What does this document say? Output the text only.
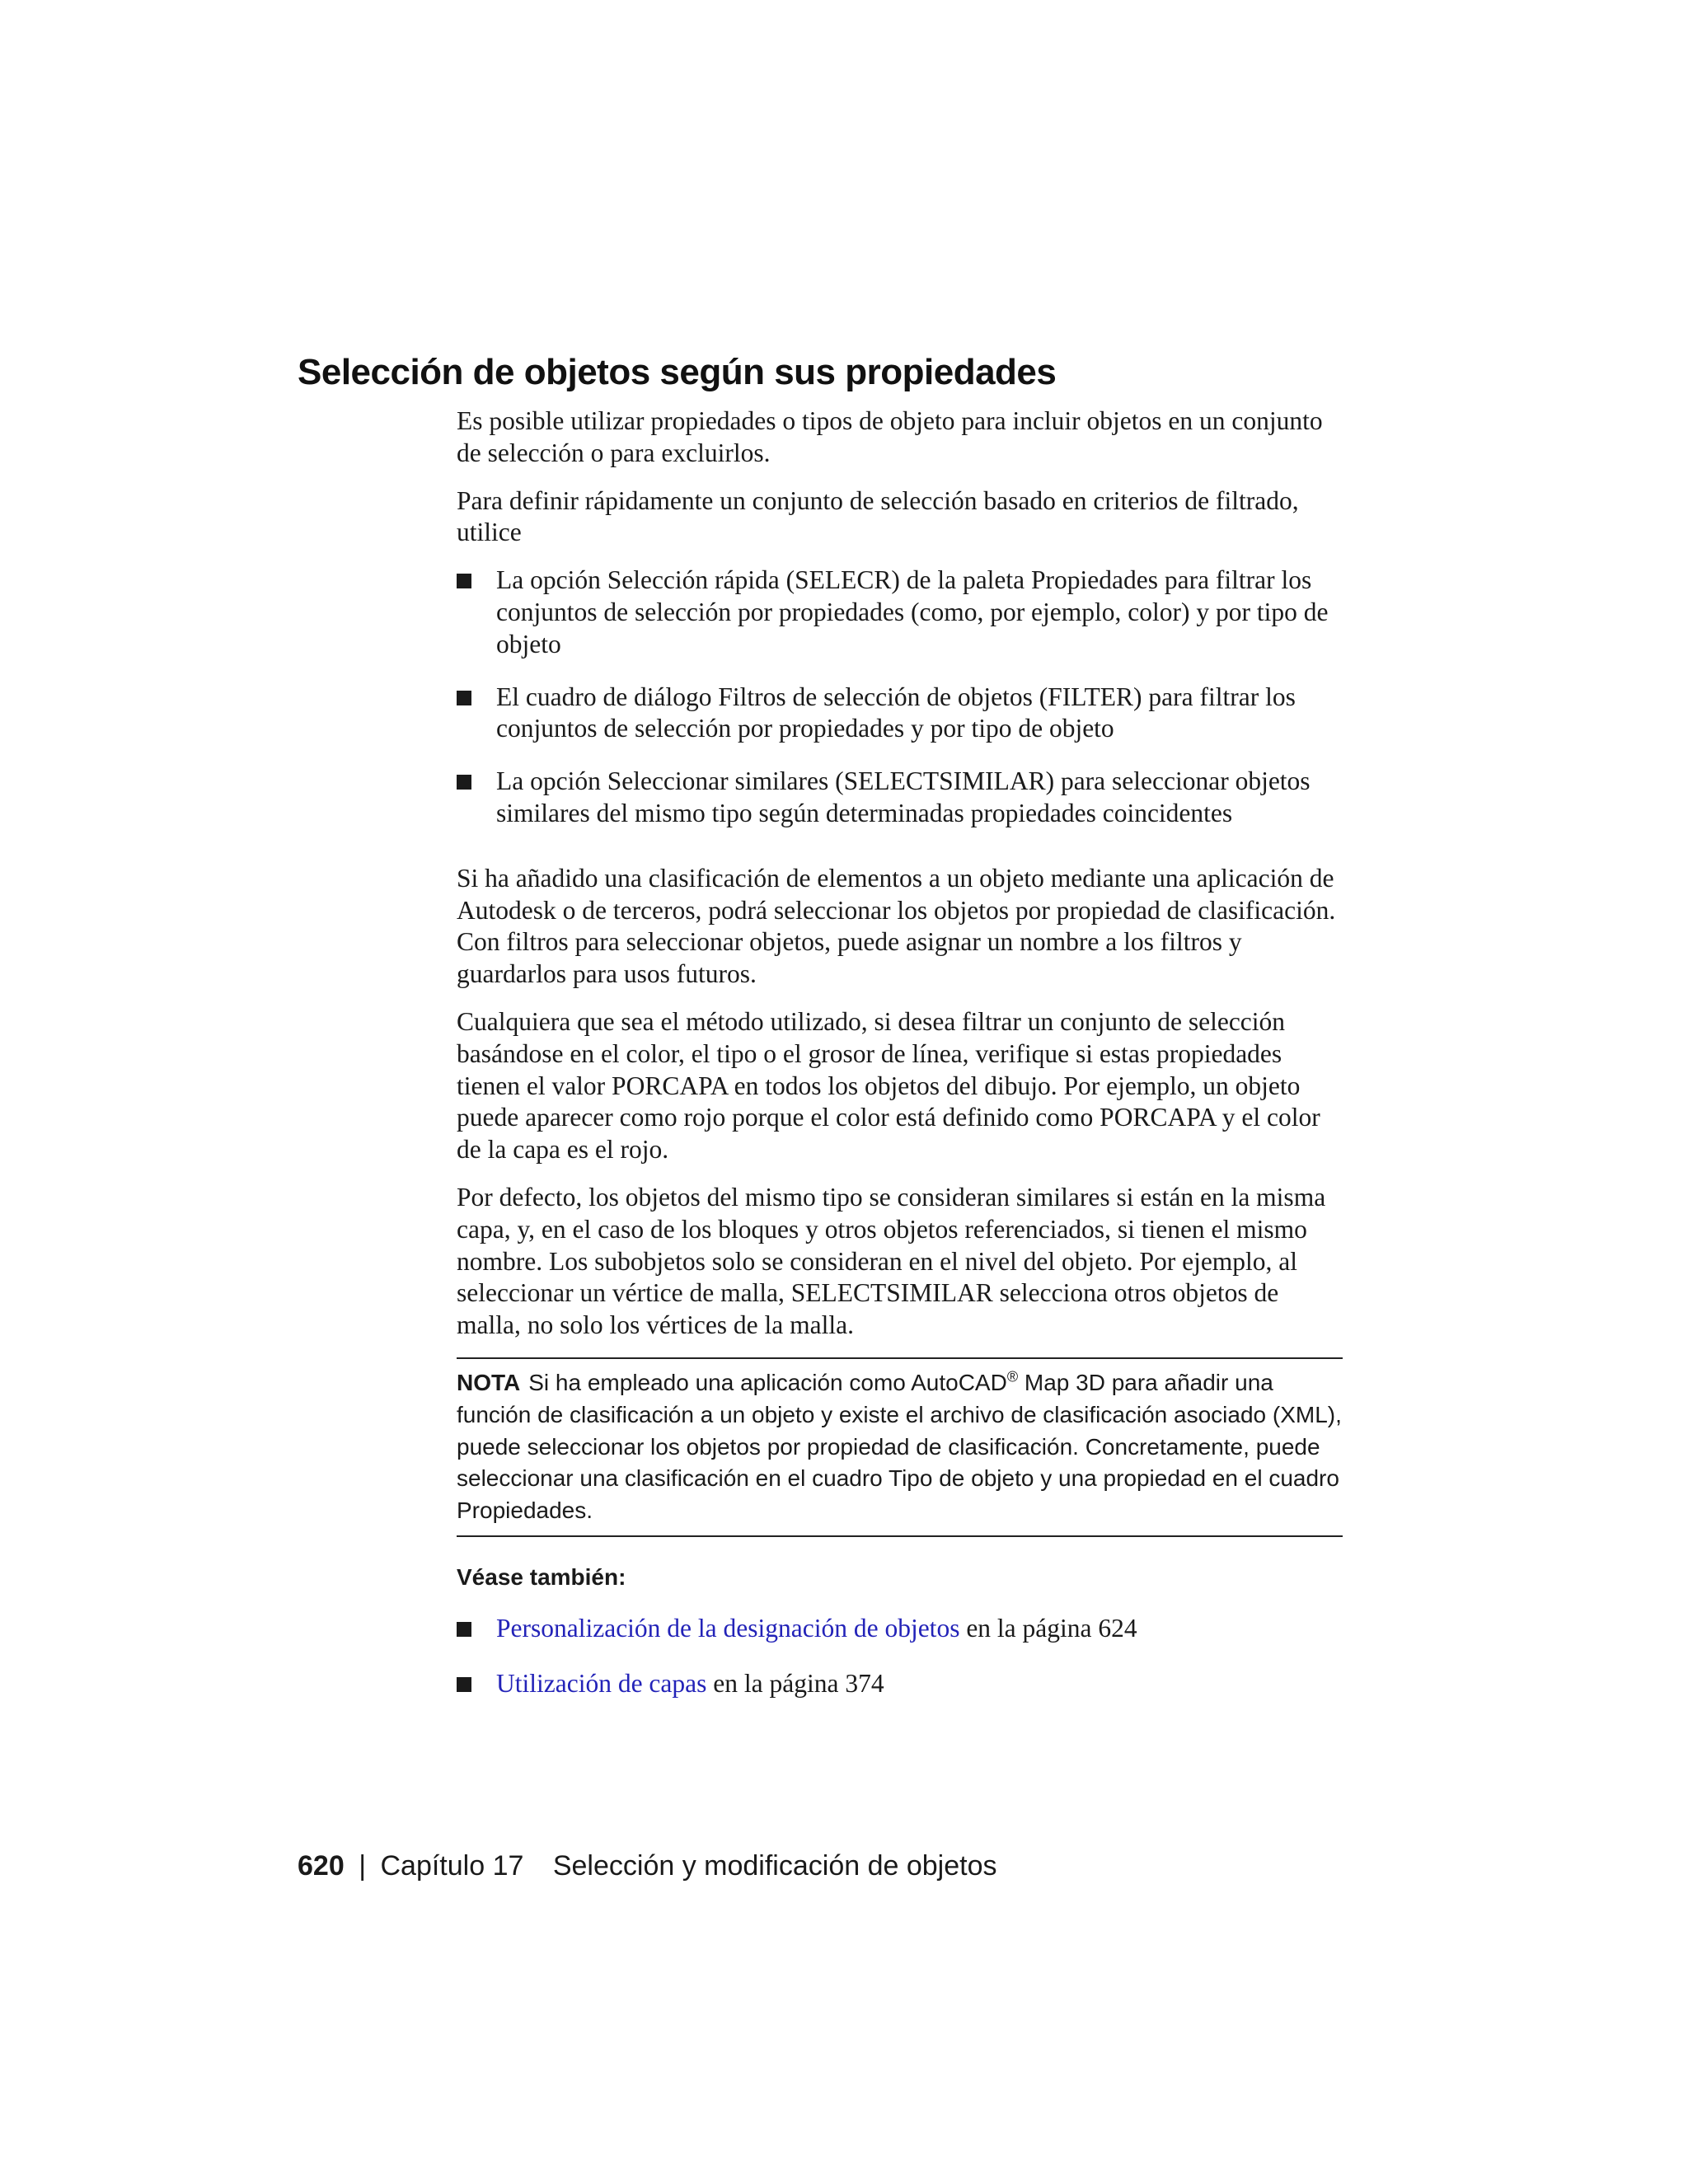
Selección de objetos según sus propiedades

Es posible utilizar propiedades o tipos de objeto para incluir objetos en un conjunto de selección o para excluirlos.

Para definir rápidamente un conjunto de selección basado en criterios de filtrado, utilice

La opción Selección rápida (SELECR) de la paleta Propiedades para filtrar los conjuntos de selección por propiedades (como, por ejemplo, color) y por tipo de objeto
El cuadro de diálogo Filtros de selección de objetos (FILTER) para filtrar los conjuntos de selección por propiedades y por tipo de objeto
La opción Seleccionar similares (SELECTSIMILAR) para seleccionar objetos similares del mismo tipo según determinadas propiedades coincidentes

Si ha añadido una clasificación de elementos a un objeto mediante una aplicación de Autodesk o de terceros, podrá seleccionar los objetos por propiedad de clasificación. Con filtros para seleccionar objetos, puede asignar un nombre a los filtros y guardarlos para usos futuros.

Cualquiera que sea el método utilizado, si desea filtrar un conjunto de selección basándose en el color, el tipo o el grosor de línea, verifique si estas propiedades tienen el valor PORCAPA en todos los objetos del dibujo. Por ejemplo, un objeto puede aparecer como rojo porque el color está definido como PORCAPA y el color de la capa es el rojo.

Por defecto, los objetos del mismo tipo se consideran similares si están en la misma capa, y, en el caso de los bloques y otros objetos referenciados, si tienen el mismo nombre. Los subobjetos solo se consideran en el nivel del objeto. Por ejemplo, al seleccionar un vértice de malla, SELECTSIMILAR selecciona otros objetos de malla, no solo los vértices de la malla.

NOTA Si ha empleado una aplicación como AutoCAD® Map 3D para añadir una función de clasificación a un objeto y existe el archivo de clasificación asociado (XML), puede seleccionar los objetos por propiedad de clasificación. Concretamente, puede seleccionar una clasificación en el cuadro Tipo de objeto y una propiedad en el cuadro Propiedades.
Véase también:
Personalización de la designación de objetos en la página 624
Utilización de capas en la página 374
620 | Capítulo 17 Selección y modificación de objetos
